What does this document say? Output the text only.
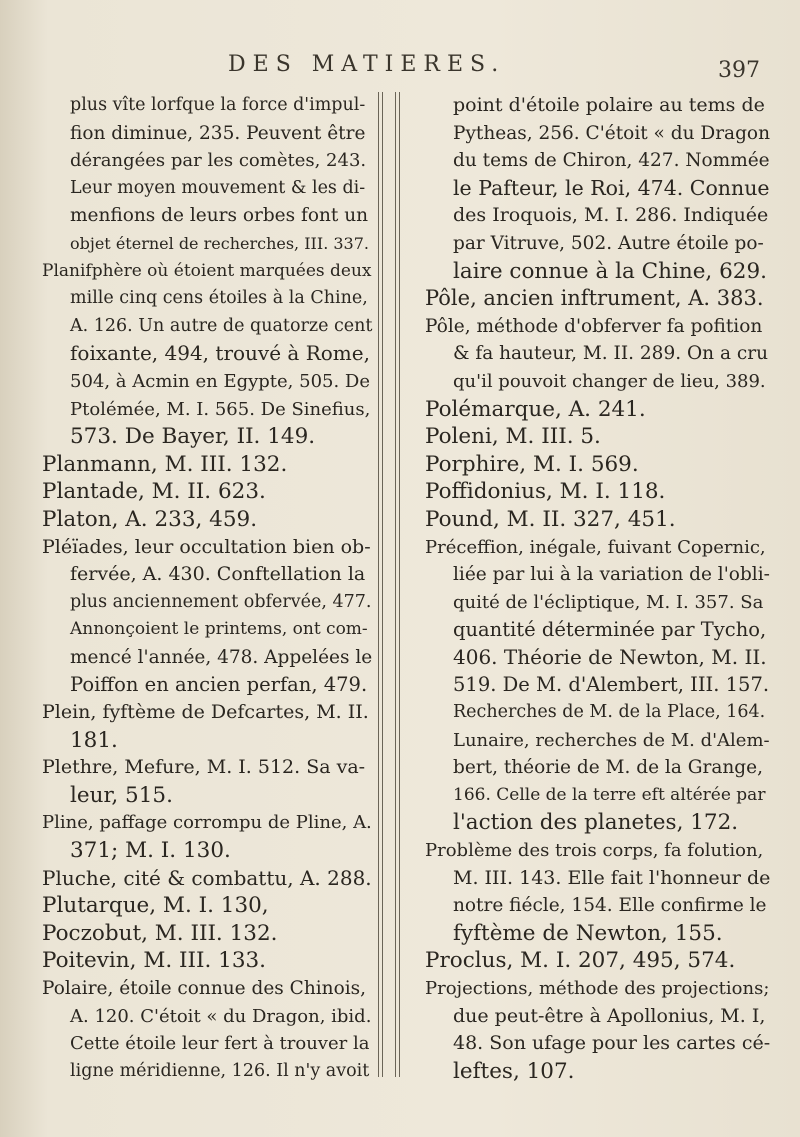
DES MATIERES.	397
plus vîte lorfque la force d'impul-
fion diminue, 235. Peuvent être
dérangées par les comètes, 243.
Leur moyen mouvement & les di-
menfions de leurs orbes font un
objet éternel de recherches, III. 337.
Planifphère où étoient marquées deux
mille cinq cens étoiles à la Chine,
A. 126. Un autre de quatorze cent
foixante, 494, trouvé à Rome,
504, à Acmin en Egypte, 505. De
Ptolémée, M. I. 565. De Sinefius,
573. De Bayer, II. 149.
Planmann, M. III. 132.
Plantade, M. II. 623.
Platon, A. 233, 459.
Pléïades, leur occultation bien ob-
fervée, A. 430. Conftellation la
plus anciennement obfervée, 477.
Annonçoient le printems, ont com-
mencé l'année, 478. Appelées le
Poiffon en ancien perfan, 479.
Plein, fyftème de Defcartes, M. II.
181.
Plethre, Mefure, M. I. 512. Sa va-
leur, 515.
Pline, paffage corrompu de Pline, A.
371; M. I. 130.
Pluche, cité & combattu, A. 288.
Plutarque, M. I. 130,
Poczobut, M. III. 132.
Poitevin, M. III. 133.
Polaire, étoile connue des Chinois,
A. 120. C'étoit « du Dragon, ibid.
Cette étoile leur fert à trouver la
ligne méridienne, 126. Il n'y avoit
point d'étoile polaire au tems de
Pytheas, 256. C'étoit « du Dragon
du tems de Chiron, 427. Nommée
le Pafteur, le Roi, 474. Connue
des Iroquois, M. I. 286. Indiquée
par Vitruve, 502. Autre étoile po-
laire connue à la Chine, 629.
Pôle, ancien inftrument, A. 383.
Pôle, méthode d'obferver fa pofition
& fa hauteur, M. II. 289. On a cru
qu'il pouvoit changer de lieu, 389.
Polémarque, A. 241.
Poleni, M. III. 5.
Porphire, M. I. 569.
Poffidonius, M. I. 118.
Pound, M. II. 327, 451.
Préceffion, inégale, fuivant Copernic,
liée par lui à la variation de l'obli-
quité de l'écliptique, M. I. 357. Sa
quantité déterminée par Tycho,
406. Théorie de Newton, M. II.
519. De M. d'Alembert, III. 157.
Recherches de M. de la Place, 164.
Lunaire, recherches de M. d'Alem-
bert, théorie de M. de la Grange,
166. Celle de la terre eft altérée par
l'action des planetes, 172.
Problème des trois corps, fa folution,
M. III. 143. Elle fait l'honneur de
notre fiécle, 154. Elle confirme le
fyftème de Newton, 155.
Proclus, M. I. 207, 495, 574.
Projections, méthode des projections;
due peut-être à Apollonius, M. I,
48. Son ufage pour les cartes cé-
leftes, 107.
